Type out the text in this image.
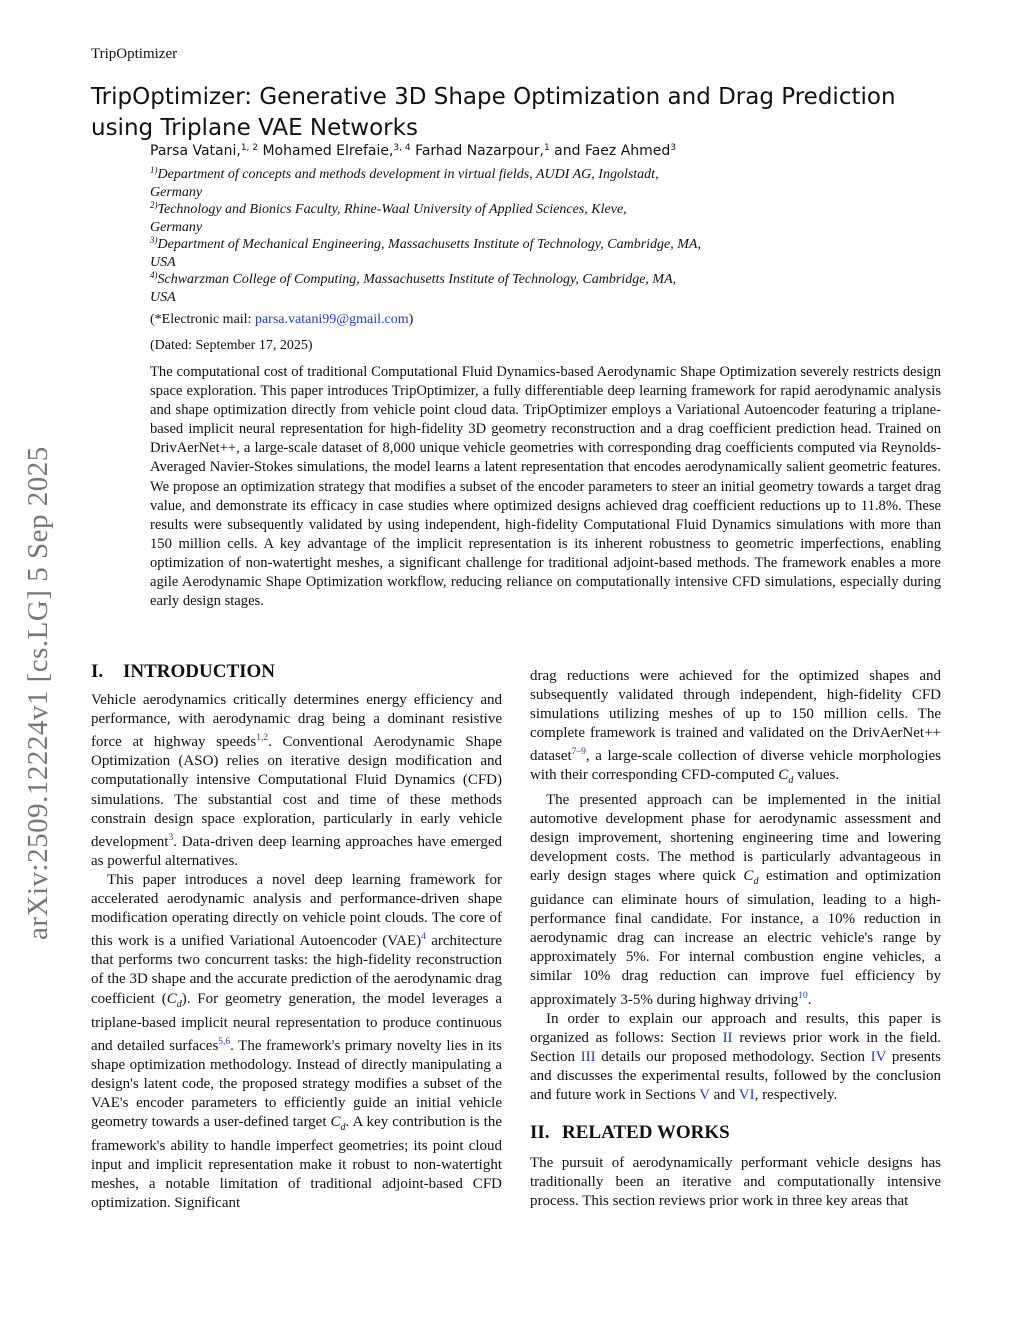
TripOptimizer
arXiv:2509.12224v1 [cs.LG] 5 Sep 2025
TripOptimizer: Generative 3D Shape Optimization and Drag Prediction using Triplane VAE Networks
Parsa Vatani,$^{1, 2}$ Mohamed Elrefaie,$^{3, 4}$ Farhad Nazarpour,$^1$ and Faez Ahmed$^3$
$^{1)}$Department of concepts and methods development in virtual fields, AUDI AG, Ingolstadt,
Germany
$^{2)}$Technology and Bionics Faculty, Rhine-Waal University of Applied Sciences, Kleve,
Germany
$^{3)}$Department of Mechanical Engineering, Massachusetts Institute of Technology, Cambridge, MA,
USA
$^{4)}$Schwarzman College of Computing, Massachusetts Institute of Technology, Cambridge, MA,
USA
(*Electronic mail: parsa.vatani99@gmail.com)
(Dated: September 17, 2025)
The computational cost of traditional Computational Fluid Dynamics-based Aerodynamic Shape Optimization severely restricts design space exploration. This paper introduces TripOptimizer, a fully differentiable deep learning framework for rapid aerodynamic analysis and shape optimization directly from vehicle point cloud data. TripOptimizer employs a Variational Autoencoder featuring a triplane-based implicit neural representation for high-fidelity 3D geometry reconstruction and a drag coefficient prediction head. Trained on DrivAerNet++, a large-scale dataset of 8,000 unique vehicle geometries with corresponding drag coefficients computed via Reynolds-Averaged Navier-Stokes simulations, the model learns a latent representation that encodes aerodynamically salient geometric features. We propose an optimization strategy that modifies a subset of the encoder parameters to steer an initial geometry towards a target drag value, and demonstrate its efficacy in case studies where optimized designs achieved drag coefficient reductions up to 11.8%. These results were subsequently validated by using independent, high-fidelity Computational Fluid Dynamics simulations with more than 150 million cells. A key advantage of the implicit representation is its inherent robustness to geometric imperfections, enabling optimization of non-watertight meshes, a significant challenge for traditional adjoint-based methods. The framework enables a more agile Aerodynamic Shape Optimization workflow, reducing reliance on computationally intensive CFD simulations, especially during early design stages.
I. INTRODUCTION

Vehicle aerodynamics critically determines energy efficiency and performance, with aerodynamic drag being a dominant resistive force at highway speeds$^{1,2}$. Conventional Aerodynamic Shape Optimization (ASO) relies on iterative design modification and computationally intensive Computational Fluid Dynamics (CFD) simulations. The substantial cost and time of these methods constrain design space exploration, particularly in early vehicle development$^3$. Data-driven deep learning approaches have emerged as powerful alternatives.

This paper introduces a novel deep learning framework for accelerated aerodynamic analysis and performance-driven shape modification operating directly on vehicle point clouds. The core of this work is a unified Variational Autoencoder (VAE)$^4$ architecture that performs two concurrent tasks: the high-fidelity reconstruction of the 3D shape and the accurate prediction of the aerodynamic drag coefficient $(C_d)$. For geometry generation, the model leverages a triplane-based implicit neural representation to produce continuous and detailed surfaces$^{5,6}$. The framework's primary novelty lies in its shape optimization methodology. Instead of directly manipulating a design's latent code, the proposed strategy modifies a subset of the VAE's encoder parameters to efficiently guide an initial vehicle geometry towards a user-defined target $C_d$. A key contribution is the framework's ability to handle imperfect geometries; its point cloud input and implicit representation make it robust to non-watertight meshes, a notable limitation of traditional adjoint-based CFD optimization. Significant

drag reductions were achieved for the optimized shapes and subsequently validated through independent, high-fidelity CFD simulations utilizing meshes of up to 150 million cells. The complete framework is trained and validated on the DrivAerNet++ dataset$^{7-9}$, a large-scale collection of diverse vehicle morphologies with their corresponding CFD-computed $C_d$ values.

The presented approach can be implemented in the initial automotive development phase for aerodynamic assessment and design improvement, shortening engineering time and lowering development costs. The method is particularly advantageous in early design stages where quick $C_d$ estimation and optimization guidance can eliminate hours of simulation, leading to a high-performance final candidate. For instance, a 10% reduction in aerodynamic drag can increase an electric vehicle's range by approximately 5%. For internal combustion engine vehicles, a similar 10% drag reduction can improve fuel efficiency by approximately 3-5% during highway driving$^{10}$.

In order to explain our approach and results, this paper is organized as follows: Section II reviews prior work in the field. Section III details our proposed methodology. Section IV presents and discusses the experimental results, followed by the conclusion and future work in Sections V and VI, respectively.

II. RELATED WORKS

The pursuit of aerodynamically performant vehicle designs has traditionally been an iterative and computationally intensive process. This section reviews prior work in three key areas that
